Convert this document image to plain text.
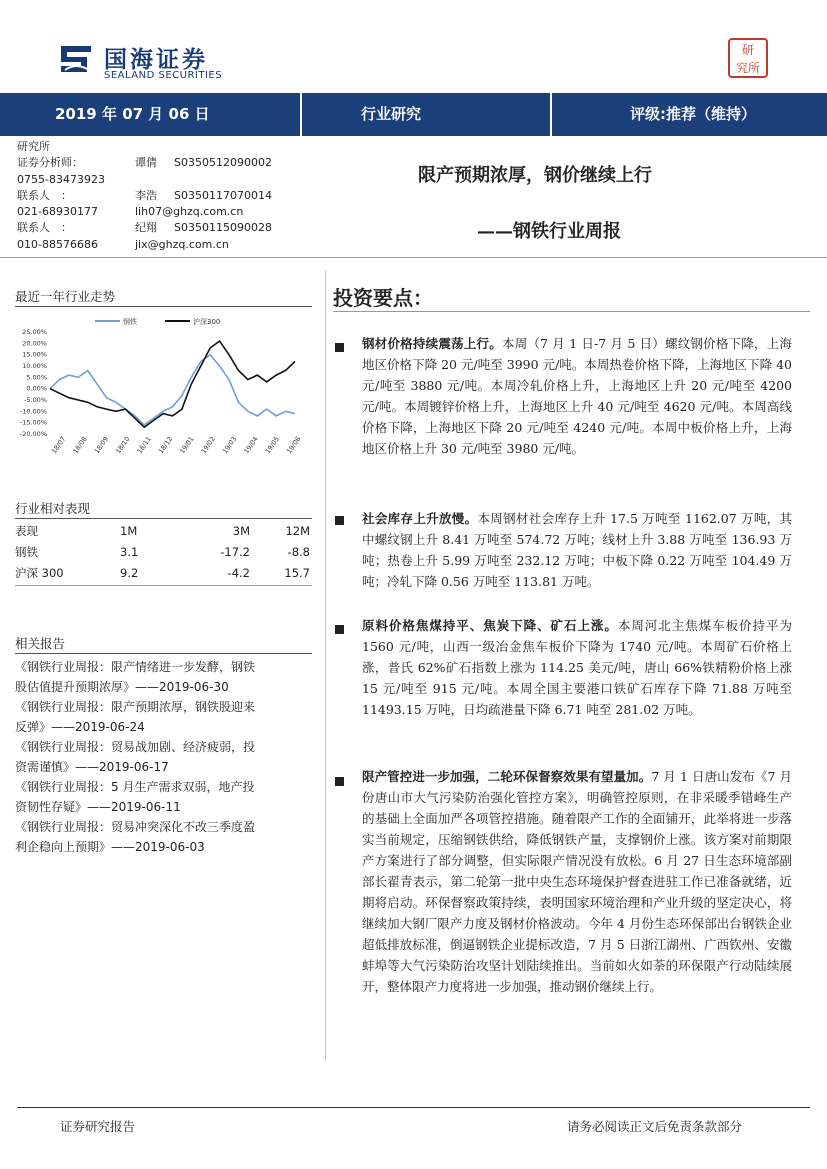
国海证券
SEALAND SECURITIES
研
究所
2019 年 07 月 06 日	行业研究	评级:推荐（维持）
研究所
证券分析师：	谭倩 S0350512090002
0755-83473923
联系人　：	李浩 S0350117070014
021-68930177	lih07@ghzq.com.cn
联系人　：	纪翔 S0350115090028
010-88576686	jix@ghzq.com.cn
限产预期浓厚，钢价继续上行
——钢铁行业周报
最近一年行业走势
钢铁	沪深300
25.00%
20.00%
15.00%
10.00%
5.00%
0.00%
-5.00%
-10.00%
-15.00%
-20.00%
18/07 18/08 18/09 18/10 18/11 18/12 19/01 19/02 19/03 19/04 19/05 19/06
行业相对表现
表现	1M	3M	12M
钢铁	3.1	-17.2	-8.8
沪深 300	9.2	-4.2	15.7
相关报告
《钢铁行业周报：限产情绪进一步发酵，钢铁
股估值提升预期浓厚》——2019-06-30
《钢铁行业周报：限产预期浓厚，钢铁股迎来
反弹》——2019-06-24
《钢铁行业周报：贸易战加剧、经济疲弱，投
资需谨慎》——2019-06-17
《钢铁行业周报：5 月生产需求双弱，地产投
资韧性存疑》——2019-06-11
《钢铁行业周报：贸易冲突深化不改三季度盈
利企稳向上预期》——2019-06-03
投资要点：
钢材价格持续震荡上行。本周（7 月 1 日-7 月 5 日）螺纹钢价格下降，上海地区价格下降 20 元/吨至 3990 元/吨。本周热卷价格下降，上海地区下降 40 元/吨至 3880 元/吨。本周冷轧价格上升，上海地区上升 20 元/吨至 4200 元/吨。本周镀锌价格上升，上海地区上升 40 元/吨至 4620 元/吨。本周高线价格下降，上海地区下降 20 元/吨至 4240 元/吨。本周中板价格上升，上海地区价格上升 30 元/吨至 3980 元/吨。
社会库存上升放慢。本周钢材社会库存上升 17.5 万吨至 1162.07 万吨，其中螺纹钢上升 8.41 万吨至 574.72 万吨；线材上升 3.88 万吨至 136.93 万吨；热卷上升 5.99 万吨至 232.12 万吨；中板下降 0.22 万吨至 104.49 万吨；冷轧下降 0.56 万吨至 113.81 万吨。
原料价格焦煤持平、焦炭下降、矿石上涨。本周河北主焦煤车板价持平为 1560 元/吨，山西一级冶金焦车板价下降为 1740 元/吨。本周矿石价格上涨，普氏 62%矿石指数上涨为 114.25 美元/吨，唐山 66%铁精粉价格上涨 15 元/吨至 915 元/吨。本周全国主要港口铁矿石库存下降 71.88 万吨至 11493.15 万吨，日均疏港量下降 6.71 吨至 281.02 万吨。
限产管控进一步加强，二轮环保督察效果有望量加。7 月 1 日唐山发布《7 月份唐山市大气污染防治强化管控方案》，明确管控原则，在非采暖季错峰生产的基础上全面加严各项管控措施。随着限产工作的全面铺开，此举将进一步落实当前规定，压缩钢铁供给，降低钢铁产量，支撑钢价上涨。该方案对前期限产方案进行了部分调整，但实际限产情况没有放松。6 月 27 日生态环境部副部长翟青表示，第二轮第一批中央生态环境保护督查进驻工作已准备就绪，近期将启动。环保督察政策持续，表明国家环境治理和产业升级的坚定决心，将继续加大钢厂限产力度及钢材价格波动。今年 4 月份生态环保部出台钢铁企业超低排放标准，倒逼钢铁企业提标改造，7 月 5 日浙江湖州、广西钦州、安徽蚌埠等大气污染防治攻坚计划陆续推出。当前如火如荼的环保限产行动陆续展开，整体限产力度将进一步加强，推动钢价继续上行。
证券研究报告	请务必阅读正文后免责条款部分
